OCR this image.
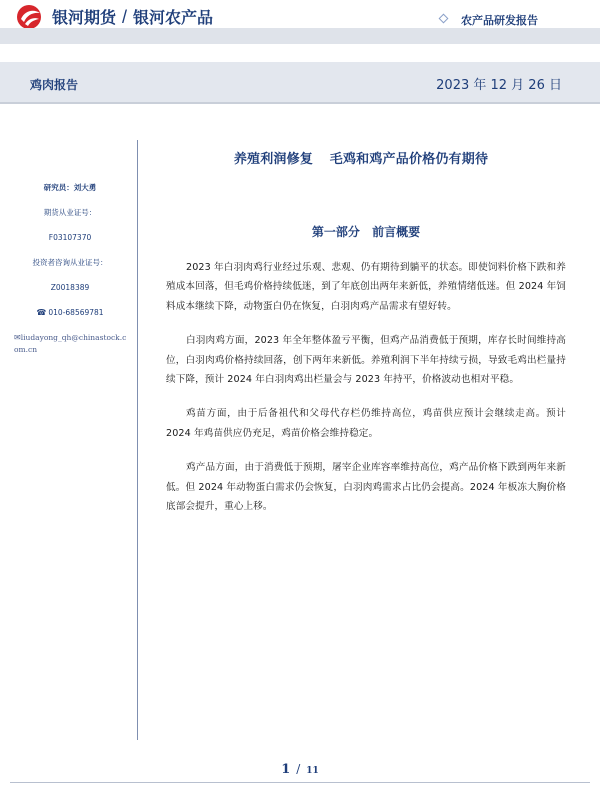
银河期货 / 银河农产品	农产品研发报告
鸡肉报告	2023 年 12 月 26 日
研究员：刘大勇
期货从业证号：
F03107370
投资者咨询从业证号：
Z0018389
☎ 010-68569781
✉liudayong_qh@chinastock.com.cn
养殖利润修复 毛鸡和鸡产品价格仍有期待
第一部分 前言概要

2023 年白羽肉鸡行业经过乐观、悲观、仍有期待到躺平的状态。即使饲料价格下跌和养殖成本回落，但毛鸡价格持续低迷，到了年底创出两年来新低，养殖情绪低迷。但 2024 年饲料成本继续下降，动物蛋白仍在恢复，白羽肉鸡产品需求有望好转。

白羽肉鸡方面，2023 年全年整体盈亏平衡，但鸡产品消费低于预期，库存长时间维持高位，白羽肉鸡价格持续回落，创下两年来新低。养殖利润下半年持续亏损，导致毛鸡出栏量持续下降，预计 2024 年白羽肉鸡出栏量会与 2023 年持平，价格波动也相对平稳。

鸡苗方面，由于后备祖代和父母代存栏仍维持高位，鸡苗供应预计会继续走高。预计 2024 年鸡苗供应仍充足，鸡苗价格会维持稳定。

鸡产品方面，由于消费低于预期，屠宰企业库容率维持高位，鸡产品价格下跌到两年来新低。但 2024 年动物蛋白需求仍会恢复，白羽肉鸡需求占比仍会提高。2024 年板冻大胸价格底部会提升，重心上移。

1 / 11
